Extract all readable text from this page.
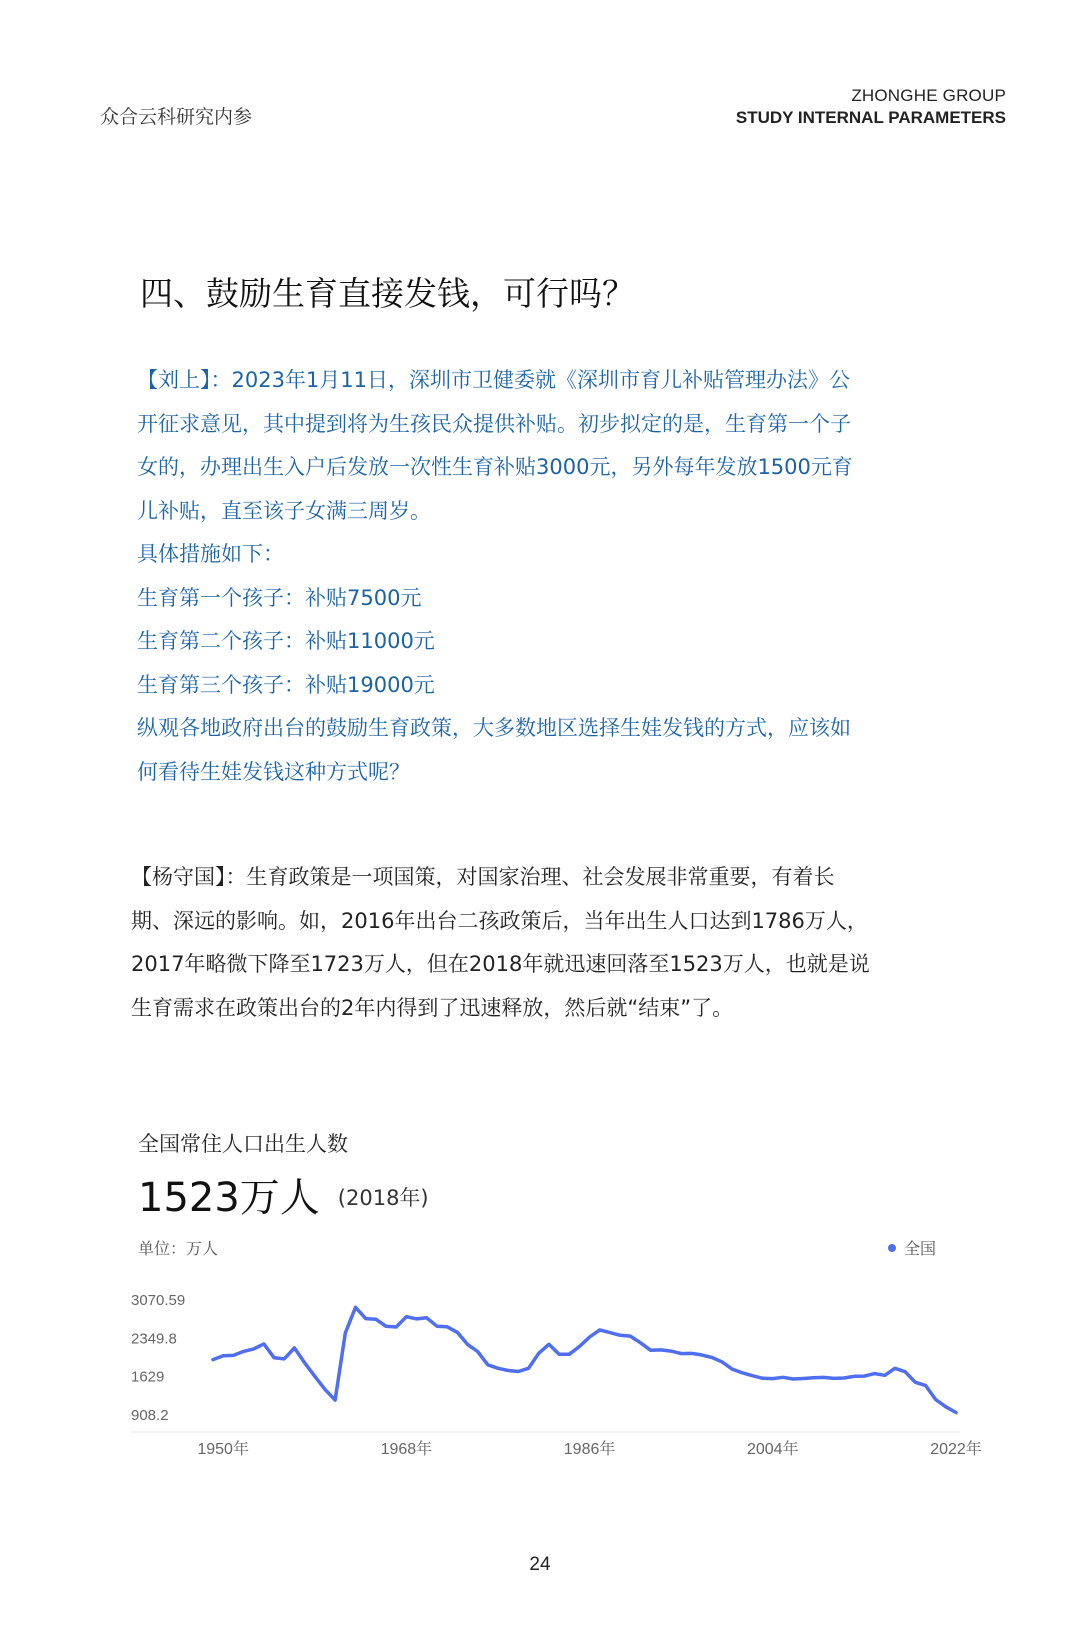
众合云科研究内参
ZHONGHE GROUP
STUDY INTERNAL PARAMETERS
四、鼓励生育直接发钱，可行吗？

【刘上】：2023年1月11日，深圳市卫健委就《深圳市育儿补贴管理办法》公

开征求意见，其中提到将为生孩民众提供补贴。初步拟定的是，生育第一个子

女的，办理出生入户后发放一次性生育补贴3000元，另外每年发放1500元育

儿补贴，直至该子女满三周岁。

具体措施如下：

生育第一个孩子：补贴7500元

生育第二个孩子：补贴11000元

生育第三个孩子：补贴19000元

纵观各地政府出台的鼓励生育政策，大多数地区选择生娃发钱的方式，应该如

何看待生娃发钱这种方式呢？

【杨守国】：生育政策是一项国策，对国家治理、社会发展非常重要，有着长

期、深远的影响。如，2016年出台二孩政策后，当年出生人口达到1786万人，

2017年略微下降至1723万人，但在2018年就迅速回落至1523万人，也就是说

生育需求在政策出台的2年内得到了迅速释放，然后就“结束”了。

全国常住人口出生人数
1523万人 (2018年)
单位：万人	全国
3070.59
2349.8
1629
908.2
1950年	1968年	1986年	2004年	2022年
24
